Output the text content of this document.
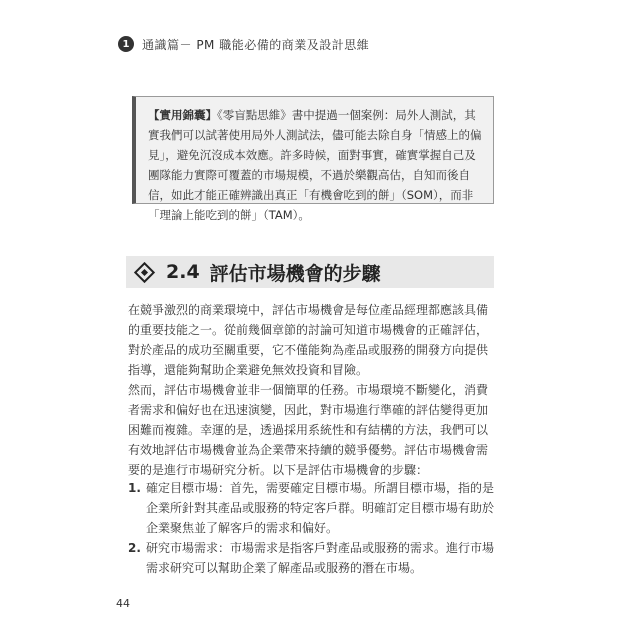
1	通識篇－ PM 職能必備的商業及設計思維
【實用錦囊】《零盲點思維》書中提過一個案例：局外人測試，其實我們可以試著使用局外人測試法，儘可能去除自身「情感上的偏見」，避免沉沒成本效應。許多時候，面對事實，確實掌握自己及團隊能力實際可覆蓋的市場規模，不過於樂觀高估，自知而後自信，如此才能正確辨識出真正「有機會吃到的餅」（SOM），而非「理論上能吃到的餅」（TAM）。
2.4 評估市場機會的步驟

在競爭激烈的商業環境中，評估市場機會是每位產品經理都應該具備的重要技能之一。從前幾個章節的討論可知道市場機會的正確評估，對於產品的成功至關重要，它不僅能夠為產品或服務的開發方向提供指導，還能夠幫助企業避免無效投資和冒險。

然而，評估市場機會並非一個簡單的任務。市場環境不斷變化，消費者需求和偏好也在迅速演變，因此，對市場進行準確的評估變得更加困難而複雜。幸運的是，透過採用系統性和有結構的方法，我們可以有效地評估市場機會並為企業帶來持續的競爭優勢。評估市場機會需要的是進行市場研究分析。以下是評估市場機會的步驟：

1. 確定目標市場：首先，需要確定目標市場。所謂目標市場，指的是企業所針對其產品或服務的特定客戶群。明確訂定目標市場有助於企業聚焦並了解客戶的需求和偏好。
2. 研究市場需求：市場需求是指客戶對產品或服務的需求。進行市場需求研究可以幫助企業了解產品或服務的潛在市場。
44
